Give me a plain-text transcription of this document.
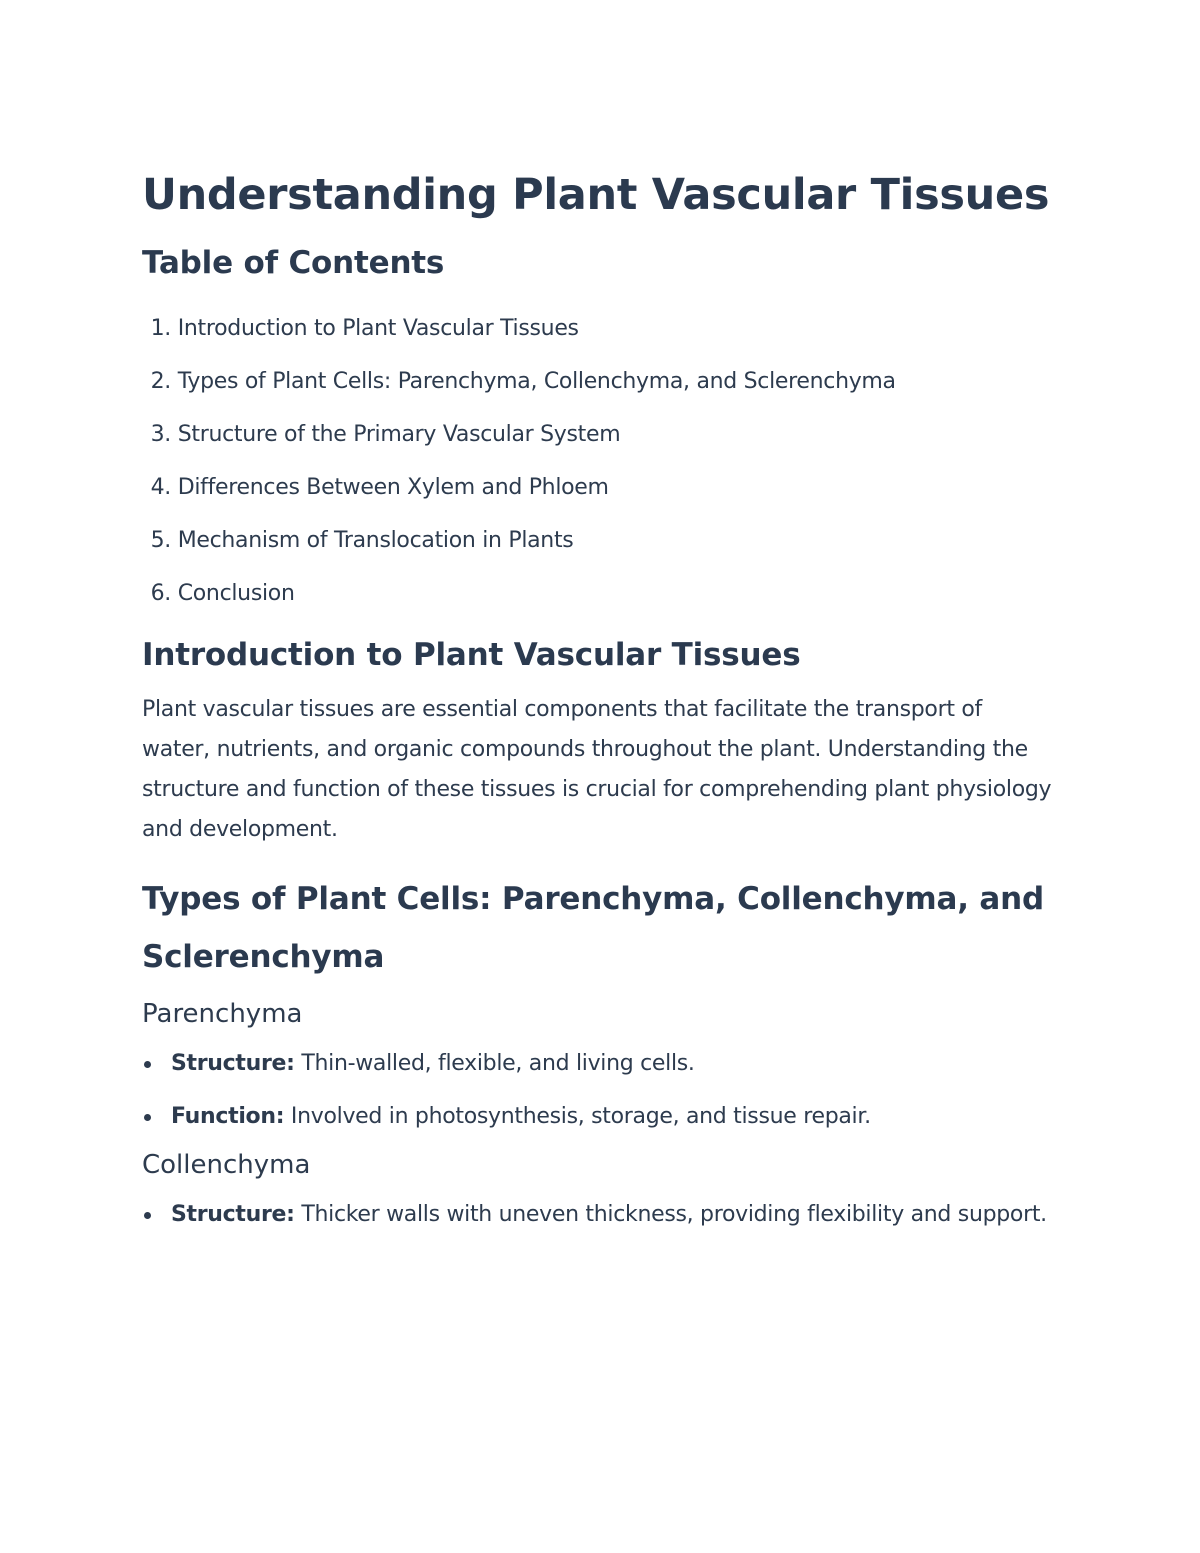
Understanding Plant Vascular Tissues
Table of Contents
1.
Introduction to Plant Vascular Tissues
2.
Types of Plant Cells: Parenchyma, Collenchyma, and Sclerenchyma
3.
Structure of the Primary Vascular System
4.
Differences Between Xylem and Phloem
5.
Mechanism of Translocation in Plants
6.
Conclusion
Introduction to Plant Vascular Tissues

Plant vascular tissues are essential components that facilitate the transport of water, nutrients, and organic compounds throughout the plant. Understanding the structure and function of these tissues is crucial for comprehending plant physiology and development.

Types of Plant Cells: Parenchyma, Collenchyma, and Sclerenchyma
Parenchyma
Structure: Thin-walled, flexible, and living cells.
Function: Involved in photosynthesis, storage, and tissue repair.
Collenchyma
Structure: Thicker walls with uneven thickness, providing flexibility and support.
